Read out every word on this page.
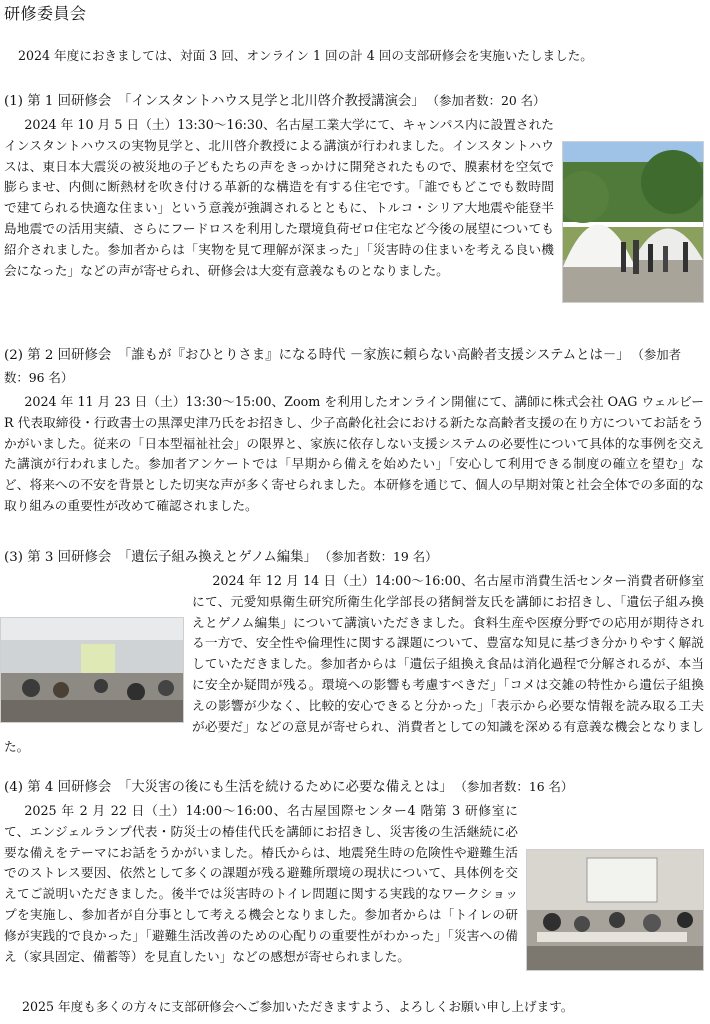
研修委員会
2024 年度におきましては、対面 3 回、オンライン 1 回の計 4 回の支部研修会を実施いたしました。
(1) 第 1 回研修会　「インスタントハウス見学と北川啓介教授講演会」 （参加者数：20 名）

2024 年 10 月 5 日（土）13:30～16:30、名古屋工業大学にて、キャンパス内に設置されたインスタントハウスの実物見学と、北川啓介教授による講演が行われました。インスタントハウスは、東日本大震災の被災地の子どもたちの声をきっかけに開発されたもので、膜素材を空気で膨らませ、内側に断熱材を吹き付ける革新的な構造を有する住宅です。「誰でもどこでも数時間で建てられる快適な住まい」という意義が強調されるとともに、トルコ・シリア大地震や能登半島地震での活用実績、さらにフードロスを利用した環境負荷ゼロ住宅など今後の展望についても紹介されました。参加者からは「実物を見て理解が深まった」「災害時の住まいを考える良い機会になった」などの声が寄せられ、研修会は大変有意義なものとなりました。

(2) 第 2 回研修会　「誰もが『おひとりさま』になる時代 －家族に頼らない高齢者支援システムとは－」 （参加者数：96 名）

2024 年 11 月 23 日（土）13:30～15:00、Zoom を利用したオンライン開催にて、講師に株式会社 OAG ウェルビーR 代表取締役・行政書士の黒澤史津乃氏をお招きし、少子高齢化社会における新たな高齢者支援の在り方についてお話をうかがいました。従来の「日本型福祉社会」の限界と、家族に依存しない支援システムの必要性について具体的な事例を交えた講演が行われました。参加者アンケートでは「早期から備えを始めたい」「安心して利用できる制度の確立を望む」など、将来への不安を背景とした切実な声が多く寄せられました。本研修を通じて、個人の早期対策と社会全体での多面的な取り組みの重要性が改めて確認されました。

(3) 第 3 回研修会　「遺伝子組み換えとゲノム編集」 （参加者数：19 名）

2024 年 12 月 14 日（土）14:00～16:00、名古屋市消費生活センター消費者研修室にて、元愛知県衛生研究所衛生化学部長の猪飼誉友氏を講師にお招きし、「遺伝子組み換えとゲノム編集」について講演いただきました。食料生産や医療分野での応用が期待される一方で、安全性や倫理性に関する課題について、豊富な知見に基づき分かりやすく解説していただきました。参加者からは「遺伝子組換え食品は消化過程で分解されるが、本当に安全か疑問が残る。環境への影響も考慮すべきだ」「コメは交雑の特性から遺伝子組換えの影響が少なく、比較的安心できると分かった」「表示から必要な情報を読み取る工夫が必要だ」などの意見が寄せられ、消費者としての知識を深める有意義な機会となりました。

(4) 第 4 回研修会　「大災害の後にも生活を続けるために必要な備えとは」 （参加者数：16 名）

2025 年 2 月 22 日（土）14:00～16:00、名古屋国際センター4 階第 3 研修室にて、エンジェルランプ代表・防災士の椿佳代氏を講師にお招きし、災害後の生活継続に必要な備えをテーマにお話をうかがいました。椿氏からは、地震発生時の危険性や避難生活でのストレス要因、依然として多くの課題が残る避難所環境の現状について、具体例を交えてご説明いただきました。後半では災害時のトイレ問題に関する実践的なワークショップを実施し、参加者が自分事として考える機会となりました。参加者からは「トイレの研修が実践的で良かった」「避難生活改善のための心配りの重要性がわかった」「災害への備え（家具固定、備蓄等）を見直したい」などの感想が寄せられました。

2025 年度も多くの方々に支部研修会へご参加いただきますよう、よろしくお願い申し上げます。
